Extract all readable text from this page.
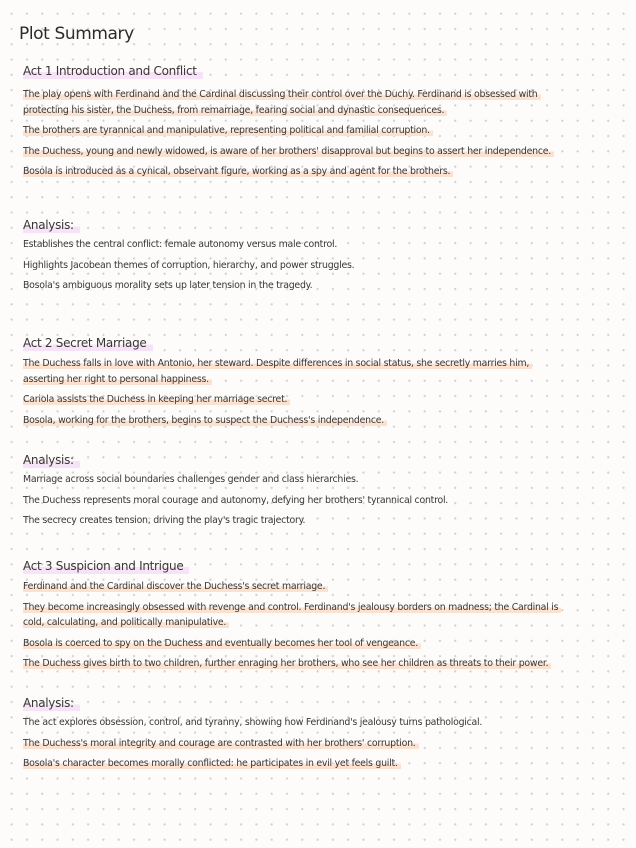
Plot Summary
Act 1 Introduction and Conflict

The play opens with Ferdinand and the Cardinal discussing their control over the Duchy. Ferdinand is obsessed with

protecting his sister, the Duchess, from remarriage, fearing social and dynastic consequences.

The brothers are tyrannical and manipulative, representing political and familial corruption.

The Duchess, young and newly widowed, is aware of her brothers' disapproval but begins to assert her independence.

Bosola is introduced as a cynical, observant figure, working as a spy and agent for the brothers.

Analysis:

Establishes the central conflict: female autonomy versus male control.

Highlights Jacobean themes of corruption, hierarchy, and power struggles.

Bosola's ambiguous morality sets up later tension in the tragedy.

Act 2 Secret Marriage

The Duchess falls in love with Antonio, her steward. Despite differences in social status, she secretly marries him,

asserting her right to personal happiness.

Cariola assists the Duchess in keeping her marriage secret.

Bosola, working for the brothers, begins to suspect the Duchess's independence.

Analysis:

Marriage across social boundaries challenges gender and class hierarchies.

The Duchess represents moral courage and autonomy, defying her brothers' tyrannical control.

The secrecy creates tension, driving the play's tragic trajectory.

Act 3 Suspicion and Intrigue

Ferdinand and the Cardinal discover the Duchess's secret marriage.

They become increasingly obsessed with revenge and control. Ferdinand's jealousy borders on madness; the Cardinal is

cold, calculating, and politically manipulative.

Bosola is coerced to spy on the Duchess and eventually becomes her tool of vengeance.

The Duchess gives birth to two children, further enraging her brothers, who see her children as threats to their power.

Analysis:

The act explores obsession, control, and tyranny, showing how Ferdinand's jealousy turns pathological.

The Duchess's moral integrity and courage are contrasted with her brothers' corruption.

Bosola's character becomes morally conflicted: he participates in evil yet feels guilt.
